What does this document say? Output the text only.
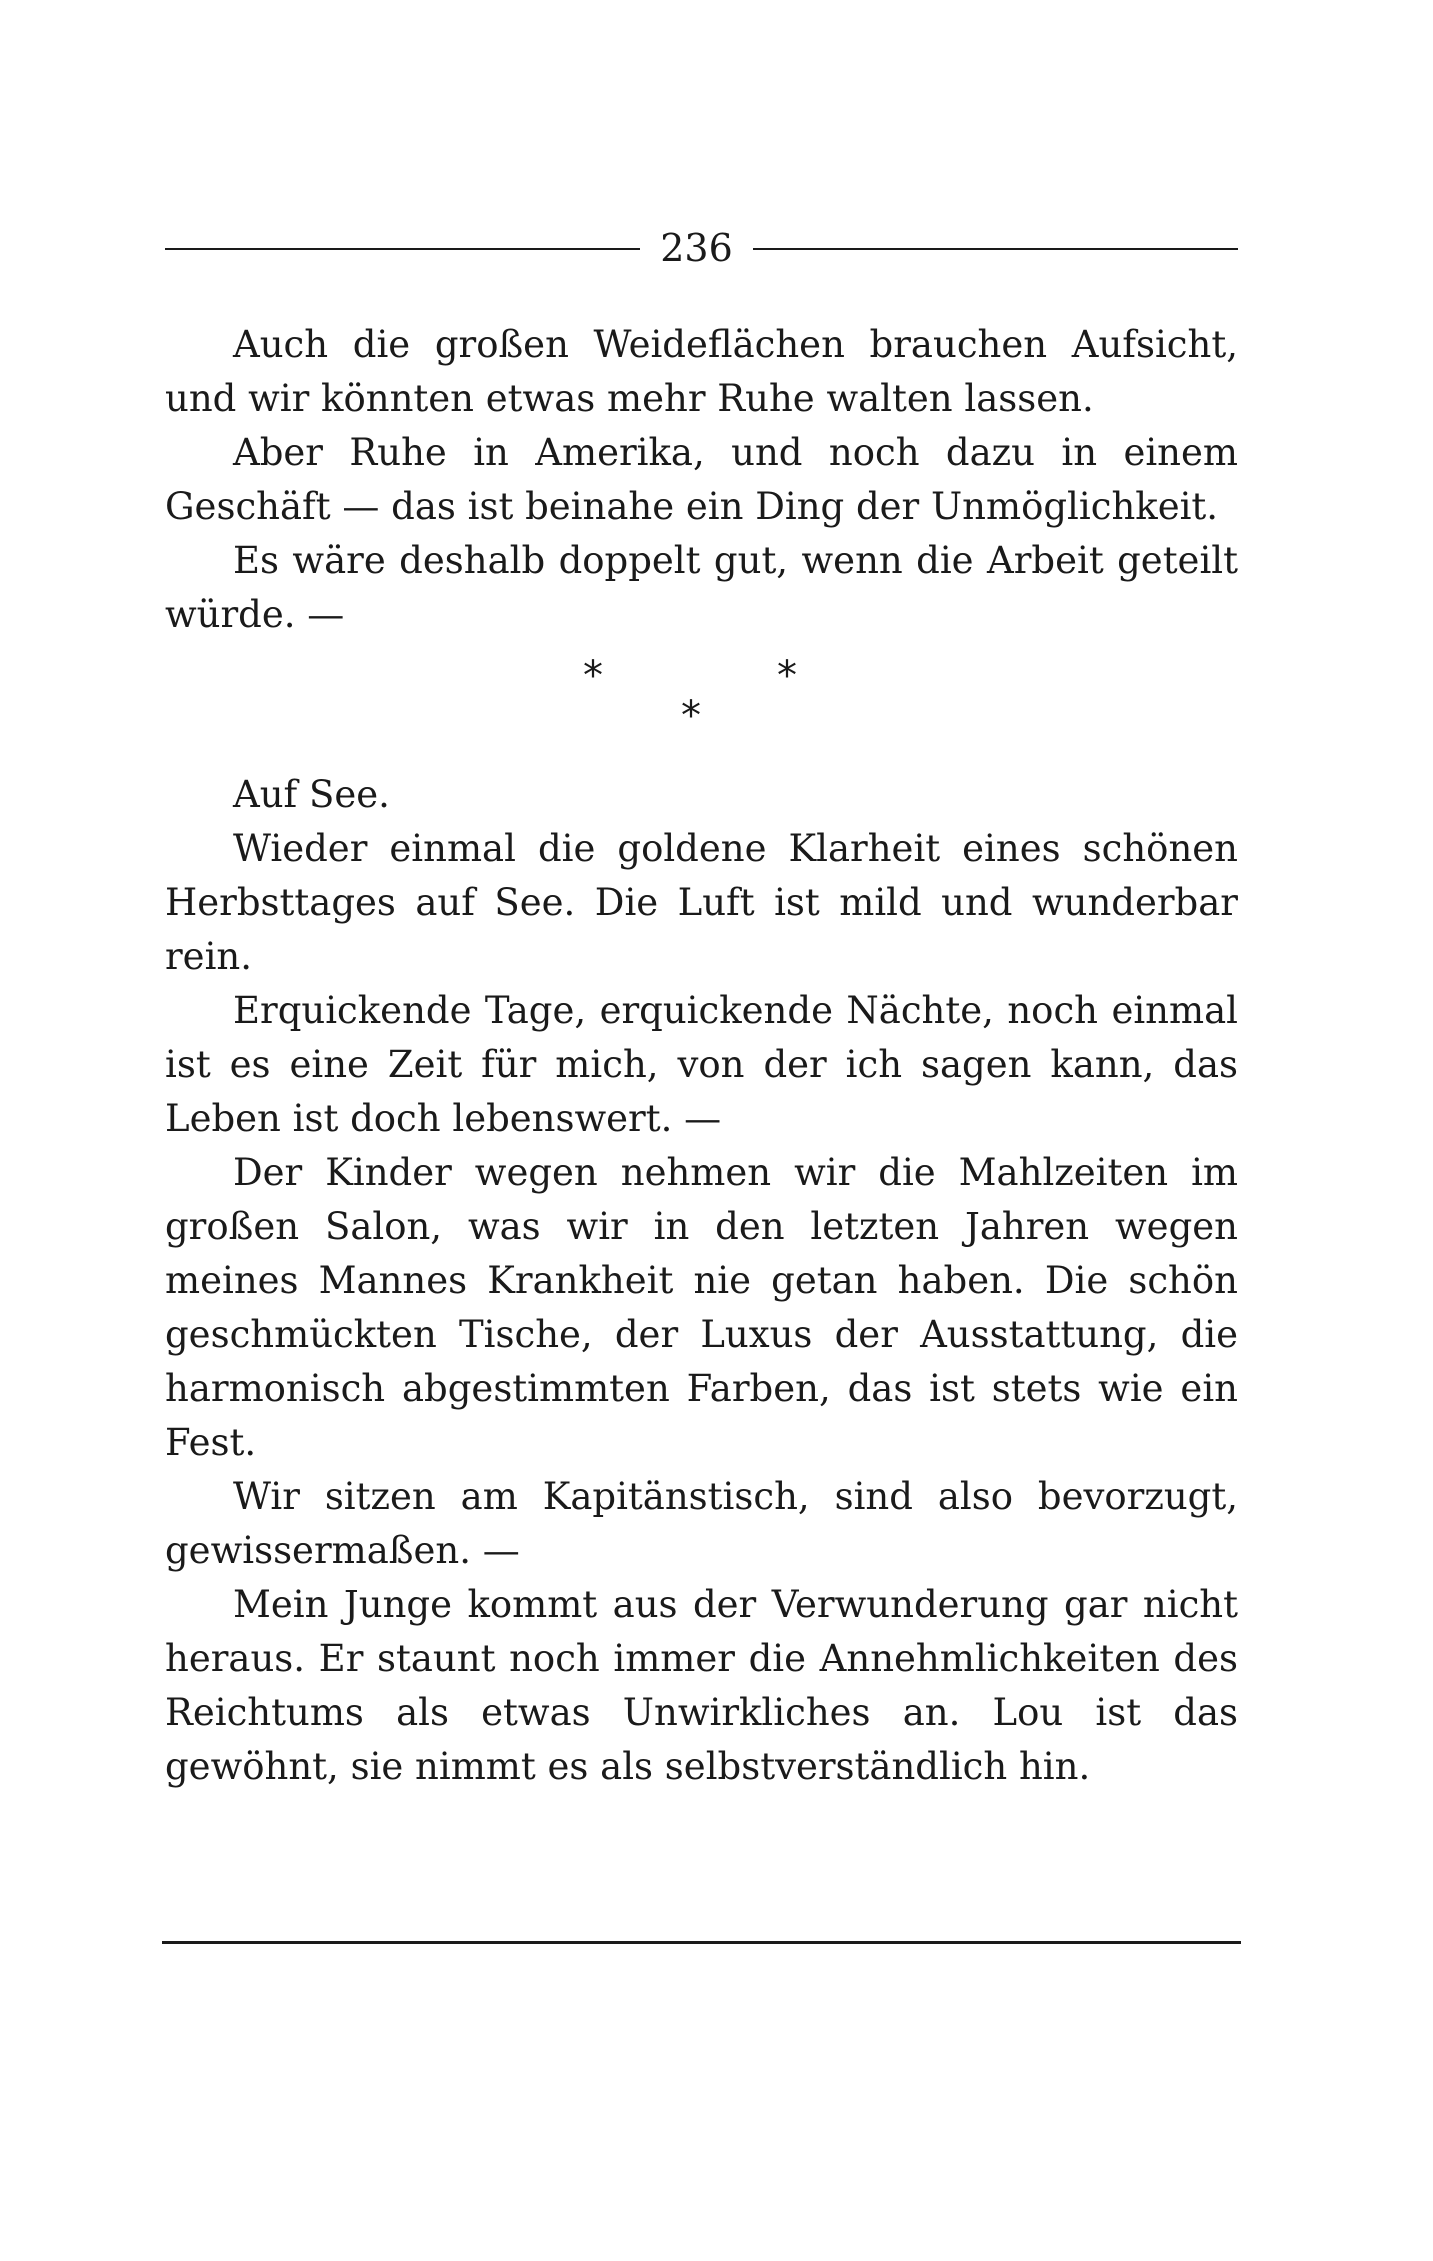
236

Auch die großen Weideflächen brauchen Aufsicht, und wir könnten etwas mehr Ruhe walten lassen.

Aber Ruhe in Amerika, und noch dazu in einem Geschäft — das ist beinahe ein Ding der Unmöglichkeit.

Es wäre deshalb doppelt gut, wenn die Arbeit geteilt würde. —

*	*
*

Auf See.

Wieder einmal die goldene Klarheit eines schönen Herbsttages auf See. Die Luft ist mild und wunderbar rein.

Erquickende Tage, erquickende Nächte, noch einmal ist es eine Zeit für mich, von der ich sagen kann, das Leben ist doch lebenswert. —

Der Kinder wegen nehmen wir die Mahlzeiten im großen Salon, was wir in den letzten Jahren wegen meines Mannes Krankheit nie getan haben. Die schön geschmückten Tische, der Luxus der Ausstattung, die harmonisch abgestimmten Farben, das ist stets wie ein Fest.

Wir sitzen am Kapitänstisch, sind also bevorzugt, gewissermaßen. —

Mein Junge kommt aus der Verwunderung gar nicht heraus. Er staunt noch immer die Annehmlichkeiten des Reichtums als etwas Unwirkliches an. Lou ist das gewöhnt, sie nimmt es als selbstverständlich hin.
